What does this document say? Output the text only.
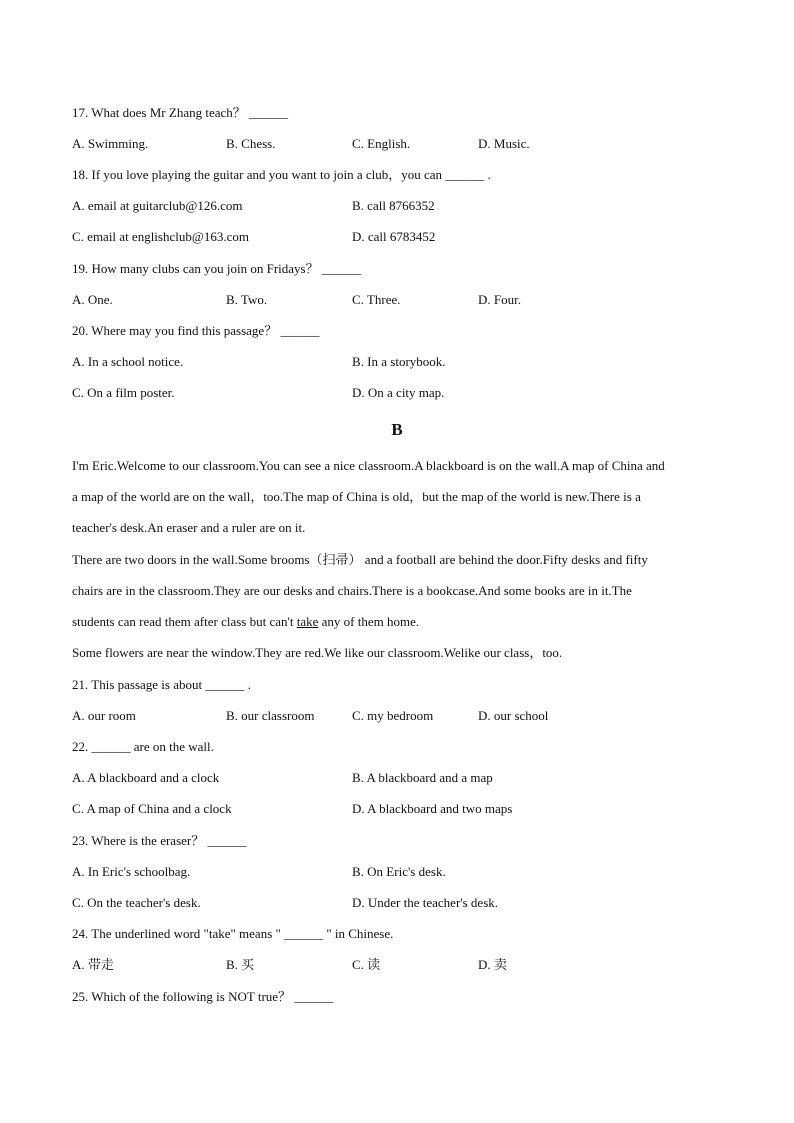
17. What does Mr Zhang teach？ ______
A. Swimming.	B. Chess.	C. English.	D. Music.
18. If you love playing the guitar and you want to join a club，you can ______ .
A. email at guitarclub@126.com	B. call 8766352
C. email at englishclub@163.com	D. call 6783452
19. How many clubs can you join on Fridays？ ______
A. One.	B. Two.	C. Three.	D. Four.
20. Where may you find this passage？ ______
A. In a school notice.	B. In a storybook.
C. On a film poster.	D. On a city map.
B
I'm Eric.Welcome to our classroom.You can see a nice classroom.A blackboard is on the wall.A map of China and
a map of the world are on the wall，too.The map of China is old，but the map of the world is new.There is a
teacher's desk.An eraser and a ruler are on it.
There are two doors in the wall.Some brooms（扫帚） and a football are behind the door.Fifty desks and fifty
chairs are in the classroom.They are our desks and chairs.There is a bookcase.And some books are in it.The
students can read them after class but can't take any of them home.
Some flowers are near the window.They are red.We like our classroom.Welike our class，too.
21. This passage is about ______ .
A. our room	B. our classroom	C. my bedroom	D. our school
22. ______ are on the wall.
A. A blackboard and a clock	B. A blackboard and a map
C. A map of China and a clock	D. A blackboard and two maps
23. Where is the eraser？ ______
A. In Eric's schoolbag.	B. On Eric's desk.
C. On the teacher's desk.	D. Under the teacher's desk.
24. The underlined word "take" means " ______ " in Chinese.
A. 带走	B. 买	C. 读	D. 卖
25. Which of the following is NOT true？ ______
